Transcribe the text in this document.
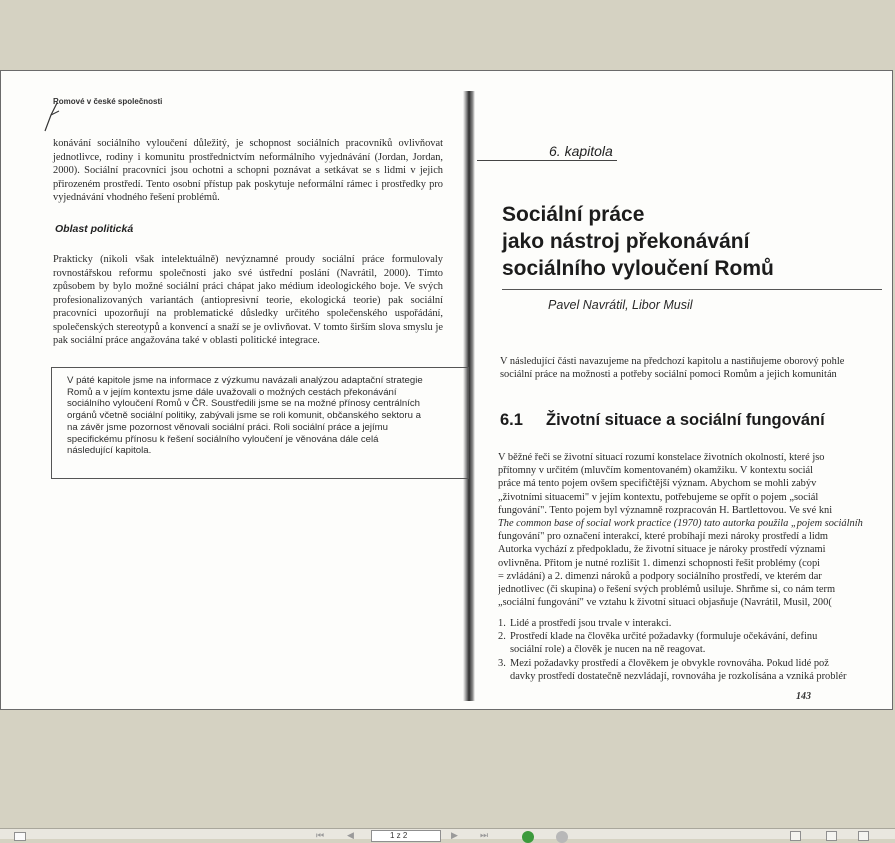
Romové v české společnosti

konávání sociálního vyloučení důležitý, je schopnost sociálních pracovníků ovlivňovat jednotlivce, rodiny i komunitu prostřednictvím neformálního vyjednávání (Jordan, Jordan, 2000). Sociální pracovníci jsou ochotni a schopni poznávat a setkávat se s lidmi v jejich přirozeném prostředí. Tento osobní přístup pak poskytuje neformální rámec i prostředky pro vyjednávání vhodného řešení problémů.

Oblast politická

Prakticky (nikoli však intelektuálně) nevýznamné proudy sociální práce formulovaly rovnostářskou reformu společnosti jako své ústřední poslání (Navrátil, 2000). Tímto způsobem by bylo možné sociální práci chápat jako médium ideologického boje. Ve svých profesionalizovaných variantách (antiopresivní teorie, ekologická teorie) pak sociální pracovníci upozorňují na problematické důsledky určitého společenského uspořádání, společenských stereotypů a konvencí a snaží se je ovlivňovat. V tomto širším slova smyslu je pak sociální práce angažována také v oblasti politické integrace.

V páté kapitole jsme na informace z výzkumu navázali analýzou adaptační strategie Romů a v jejím kontextu jsme dále uvažovali o možných cestách překonávání sociálního vyloučení Romů v ČR. Soustředili jsme se na možné přínosy centrálních orgánů včetně sociální politiky, zabývali jsme se roli komunit, občanského sektoru a na závěr jsme pozornost věnovali sociální práci. Roli sociální práce a jejímu specifickému přínosu k řešení sociálního vyloučení je věnována dále celá následující kapitola.
6. kapitola
Sociální práce
jako nástroj překonávání
sociálního vyloučení Romů
Pavel Navrátil, Libor Musil
V následující části navazujeme na předchozí kapitolu a nastiňujeme oborový pohle
sociální práce na možnosti a potřeby sociální pomoci Romům a jejich komunitán
6.1 Životní situace a sociální fungování
V běžné řeči se životní situací rozumí konstelace životních okolností, které jso
přítomny v určitém (mluvčím komentovaném) okamžiku. V kontextu sociál
práce má tento pojem ovšem specifičtější význam. Abychom se mohli zabýv
„životními situacemi" v jejím kontextu, potřebujeme se opřít o pojem „sociál
fungování". Tento pojem byl významně rozpracován H. Bartlettovou. Ve své kni
The common base of social work practice (1970) tato autorka použila „pojem sociálníh
fungování" pro označení interakcí, které probíhají mezi nároky prostředí a lidm
Autorka vychází z předpokladu, že životní situace je nároky prostředí význami
ovlivněna. Přitom je nutné rozlišit 1. dimenzi schopnosti řešit problémy (copi
= zvládání) a 2. dimenzi nároků a podpory sociálního prostředí, ve kterém dar
jednotlivec (či skupina) o řešení svých problémů usiluje. Shrňme si, co nám term
„sociální fungování" ve vztahu k životní situaci objasňuje (Navrátil, Musil, 200(
1. Lidé a prostředí jsou trvale v interakci.
2. Prostředí klade na člověka určité požadavky (formuluje očekávání, definu
sociální role) a člověk je nucen na ně reagovat.
3. Mezi požadavky prostředí a člověkem je obvykle rovnováha. Pokud lidé pož
davky prostředí dostatečně nezvládají, rovnováha je rozkolísána a vzniká problér
143
⏮	◀	1 z 2	▶	⏭
